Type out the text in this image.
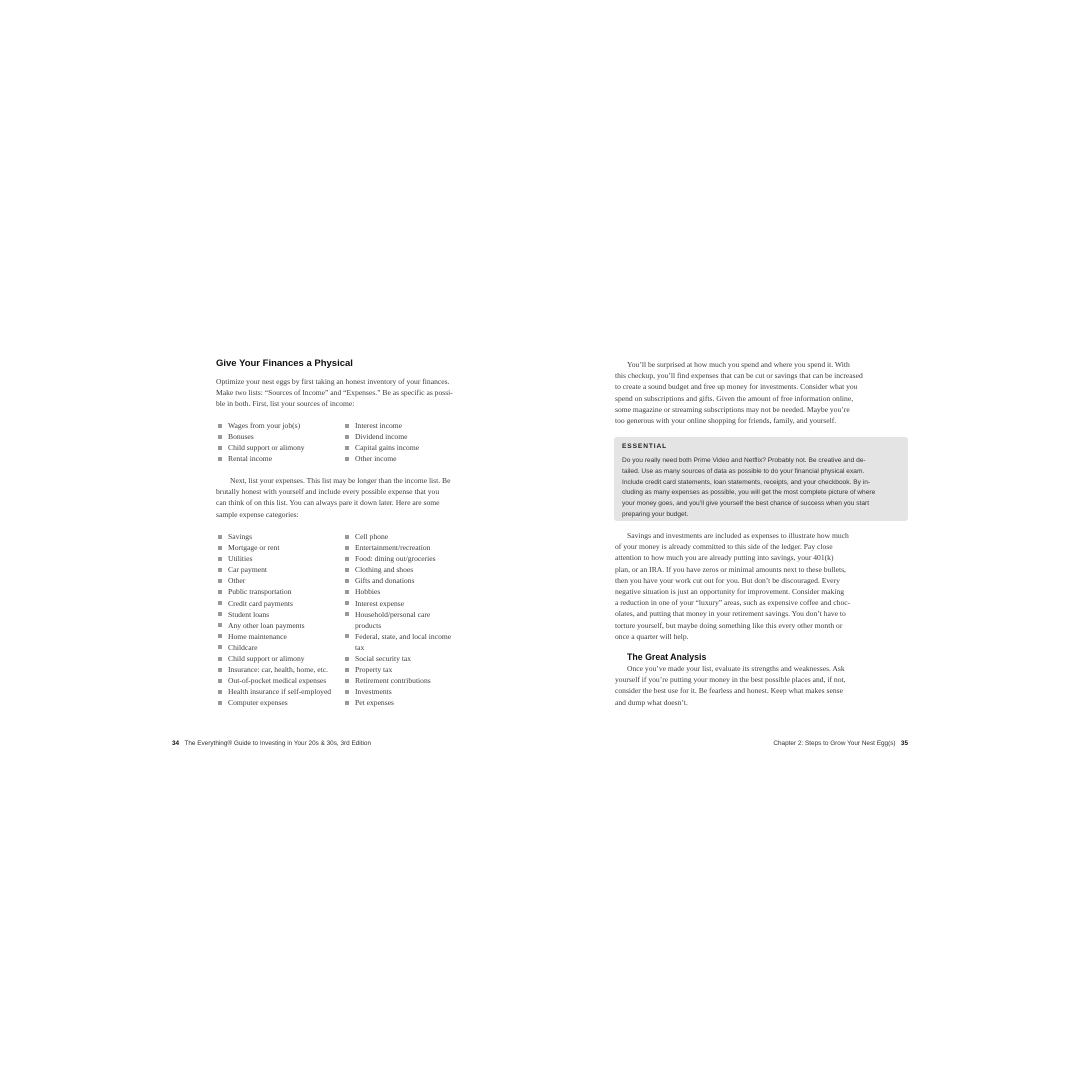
Give Your Finances a Physical
Optimize your nest eggs by first taking an honest inventory of your finances.
Make two lists: “Sources of Income” and “Expenses.” Be as specific as possi-
ble in both. First, list your sources of income:
Wages from your job(s)
Bonuses
Child support or alimony
Rental income
Interest income
Dividend income
Capital gains income
Other income
Next, list your expenses. This list may be longer than the income list. Be
brutally honest with yourself and include every possible expense that you
can think of on this list. You can always pare it down later. Here are some
sample expense categories:
Savings
Mortgage or rent
Utilities
Car payment
Other
Public transportation
Credit card payments
Student loans
Any other loan payments
Home maintenance
Childcare
Child support or alimony
Insurance: car, health, home, etc.
Out-of-pocket medical expenses
Health insurance if self-employed
Computer expenses
Cell phone
Entertainment/recreation
Food: dining out/groceries
Clothing and shoes
Gifts and donations
Hobbies
Interest expense
Household/personal care
products
Federal, state, and local income
tax
Social security tax
Property tax
Retirement contributions
Investments
Pet expenses
34 The Everything® Guide to Investing in Your 20s & 30s, 3rd Edition
You’ll be surprised at how much you spend and where you spend it. With
this checkup, you’ll find expenses that can be cut or savings that can be increased
to create a sound budget and free up money for investments. Consider what you
spend on subscriptions and gifts. Given the amount of free information online,
some magazine or streaming subscriptions may not be needed. Maybe you’re
too generous with your online shopping for friends, family, and yourself.
ESSENTIAL
Do you really need both Prime Video and Netflix? Probably not. Be creative and de-
tailed. Use as many sources of data as possible to do your financial physical exam.
Include credit card statements, loan statements, receipts, and your checkbook. By in-
cluding as many expenses as possible, you will get the most complete picture of where
your money goes, and you’ll give yourself the best chance of success when you start
preparing your budget.
Savings and investments are included as expenses to illustrate how much
of your money is already committed to this side of the ledger. Pay close
attention to how much you are already putting into savings, your 401(k)
plan, or an IRA. If you have zeros or minimal amounts next to these bullets,
then you have your work cut out for you. But don’t be discouraged. Every
negative situation is just an opportunity for improvement. Consider making
a reduction in one of your “luxury” areas, such as expensive coffee and choc-
olates, and putting that money in your retirement savings. You don’t have to
torture yourself, but maybe doing something like this every other month or
once a quarter will help.
The Great Analysis
Once you’ve made your list, evaluate its strengths and weaknesses. Ask
yourself if you’re putting your money in the best possible places and, if not,
consider the best use for it. Be fearless and honest. Keep what makes sense
and dump what doesn’t.
Chapter 2: Steps to Grow Your Nest Egg(s) 35
